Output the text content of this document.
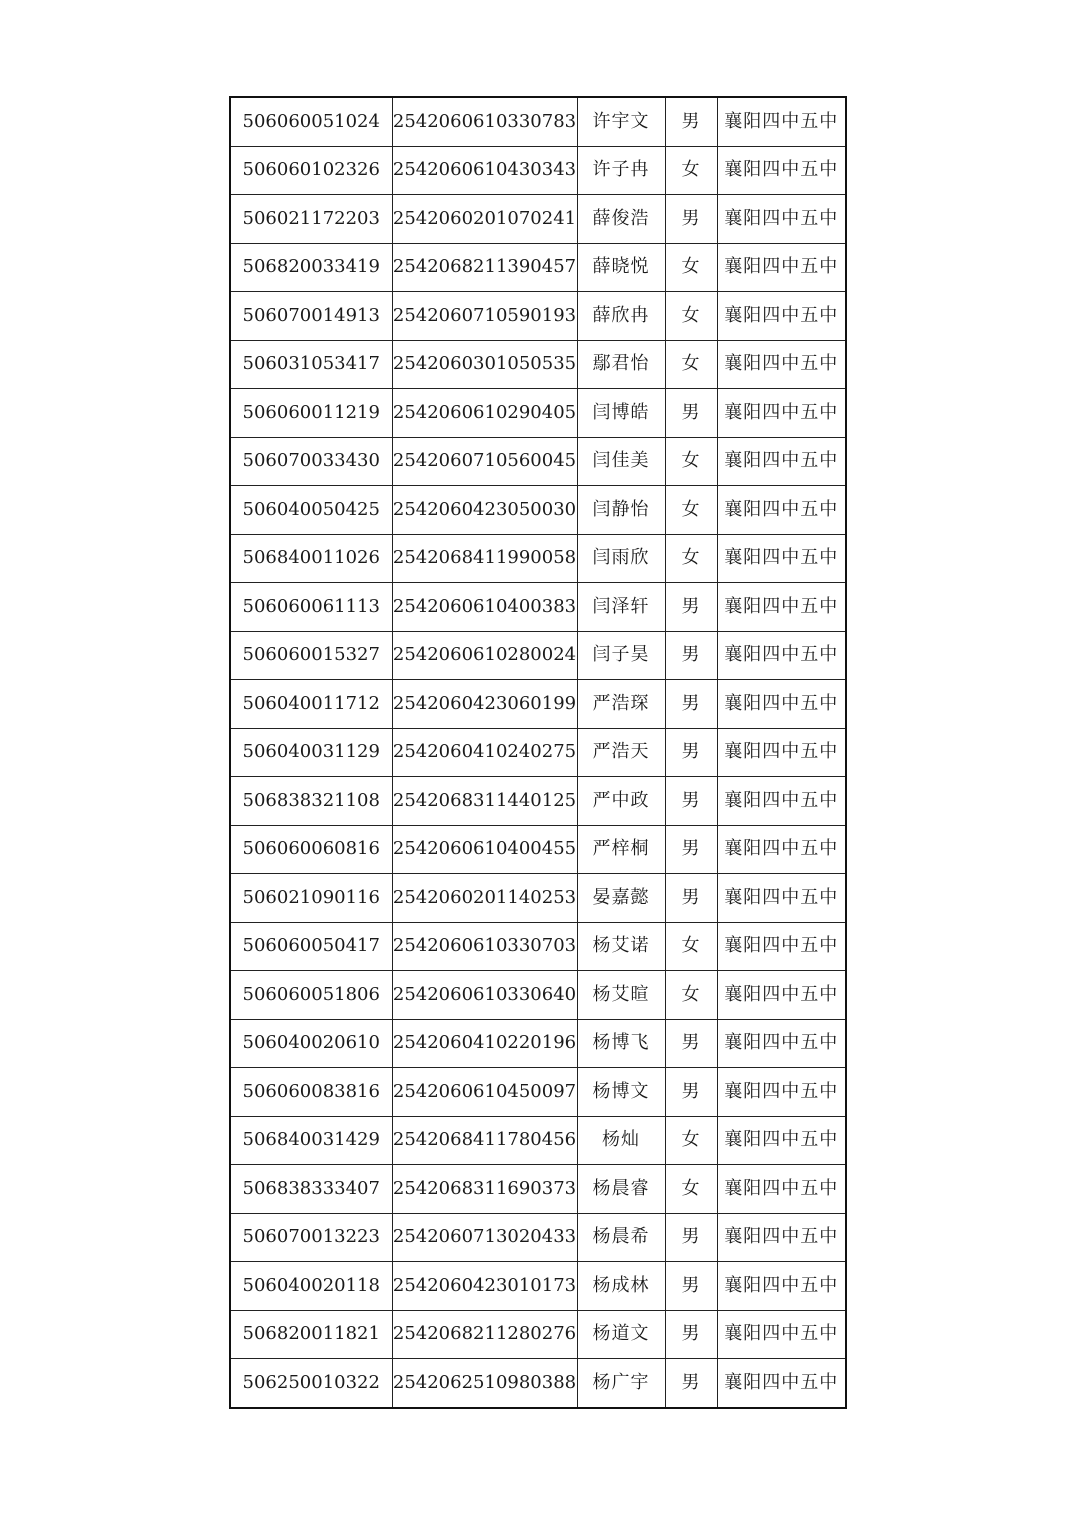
506060051024	2542060610330783	许宇文	男	襄阳四中五中
506060102326	2542060610430343	许子冉	女	襄阳四中五中
506021172203	2542060201070241	薛俊浩	男	襄阳四中五中
506820033419	2542068211390457	薛晓悦	女	襄阳四中五中
506070014913	2542060710590193	薛欣冉	女	襄阳四中五中
506031053417	2542060301050535	鄢君怡	女	襄阳四中五中
506060011219	2542060610290405	闫博皓	男	襄阳四中五中
506070033430	2542060710560045	闫佳美	女	襄阳四中五中
506040050425	2542060423050030	闫静怡	女	襄阳四中五中
506840011026	2542068411990058	闫雨欣	女	襄阳四中五中
506060061113	2542060610400383	闫泽轩	男	襄阳四中五中
506060015327	2542060610280024	闫子昊	男	襄阳四中五中
506040011712	2542060423060199	严浩琛	男	襄阳四中五中
506040031129	2542060410240275	严浩天	男	襄阳四中五中
506838321108	2542068311440125	严中政	男	襄阳四中五中
506060060816	2542060610400455	严梓桐	男	襄阳四中五中
506021090116	2542060201140253	晏嘉懿	男	襄阳四中五中
506060050417	2542060610330703	杨艾诺	女	襄阳四中五中
506060051806	2542060610330640	杨艾暄	女	襄阳四中五中
506040020610	2542060410220196	杨博飞	男	襄阳四中五中
506060083816	2542060610450097	杨博文	男	襄阳四中五中
506840031429	2542068411780456	杨灿	女	襄阳四中五中
506838333407	2542068311690373	杨晨睿	女	襄阳四中五中
506070013223	2542060713020433	杨晨希	男	襄阳四中五中
506040020118	2542060423010173	杨成林	男	襄阳四中五中
506820011821	2542068211280276	杨道文	男	襄阳四中五中
506250010322	2542062510980388	杨广宇	男	襄阳四中五中
